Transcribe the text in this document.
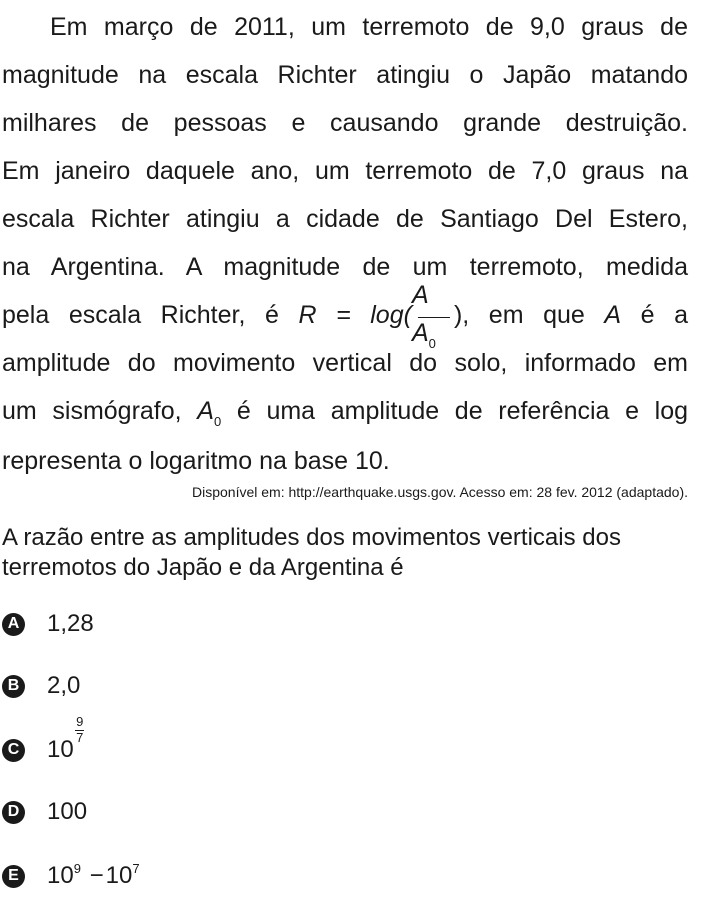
Em março de 2011, um terremoto de 9,0 graus de
magnitude na escala Richter atingiu o Japão matando
milhares de pessoas e causando grande destruição.
Em janeiro daquele ano, um terremoto de 7,0 graus na
escala Richter atingiu a cidade de Santiago Del Estero,
na Argentina. A magnitude de um terremoto, medida
pela escala Richter, é $R = \log( \frac{A}{A_0}$ ), em que A é a
amplitude do movimento vertical do solo, informado em
um sismógrafo, $A_0$ é uma amplitude de referência e log
representa o logaritmo na base 10.
Disponível em: http://earthquake.usgs.gov. Acesso em: 28 fev. 2012 (adaptado).
A razão entre as amplitudes dos movimentos verticais dos terremotos do Japão e da Argentina é
A 1,28
B 2,0
C $10 \frac{9}{7}$
D 100
E $10^9 -10^7$
